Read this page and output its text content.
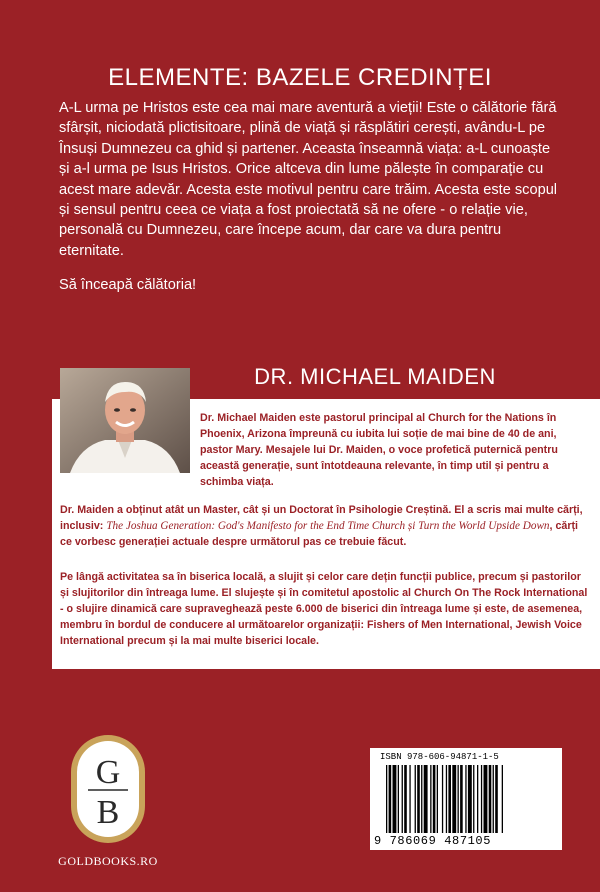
ELEMENTE: BAZELE CREDINȚEI

A-L urma pe Hristos este cea mai mare aventură a vieții! Este o călătorie fără sfârșit, niciodată plictisitoare, plină de viață și răsplătiri cerești, avându-L pe Însuși Dumnezeu ca ghid și partener. Aceasta înseamnă viața: a-L cunoaște și a-l urma pe Isus Hristos. Orice altceva din lume pălește în comparație cu acest mare adevăr. Acesta este motivul pentru care trăim. Acesta este scopul și sensul pentru ceea ce viața a fost proiectată să ne ofere - o relație vie, personală cu Dumnezeu, care începe acum, dar care va dura pentru eternitate.

Să înceapă călătoria!

DR. MICHAEL MAIDEN
Dr. Michael Maiden este pastorul principal al Church for the Nations în Phoenix, Arizona împreună cu iubita lui soție de mai bine de 40 de ani, pastor Mary. Mesajele lui Dr. Maiden, o voce profetică puternică pentru această generație, sunt întotdeauna relevante, în timp util și pentru a schimba viața.
Dr. Maiden a obținut atât un Master, cât și un Doctorat în Psihologie Creștină. El a scris mai multe cărți, inclusiv: The Joshua Generation: God's Manifesto for the End Time Church și Turn the World Upside Down, cărți ce vorbesc generației actuale despre următorul pas ce trebuie făcut.
Pe lângă activitatea sa în biserica locală, a slujit și celor care dețin funcții publice, precum și pastorilor și slujitorilor din întreaga lume. El slujește și în comitetul apostolic al Church On The Rock International - o slujire dinamică care supraveghează peste 6.000 de biserici din întreaga lume și este, de asemenea, membru în bordul de conducere al următoarelor organizații: Fishers of Men International, Jewish Voice International precum și la mai multe biserici locale.
G
B
GOLDBOOKS.RO
ISBN 978-606-94871-1-5
9 786069 487105
